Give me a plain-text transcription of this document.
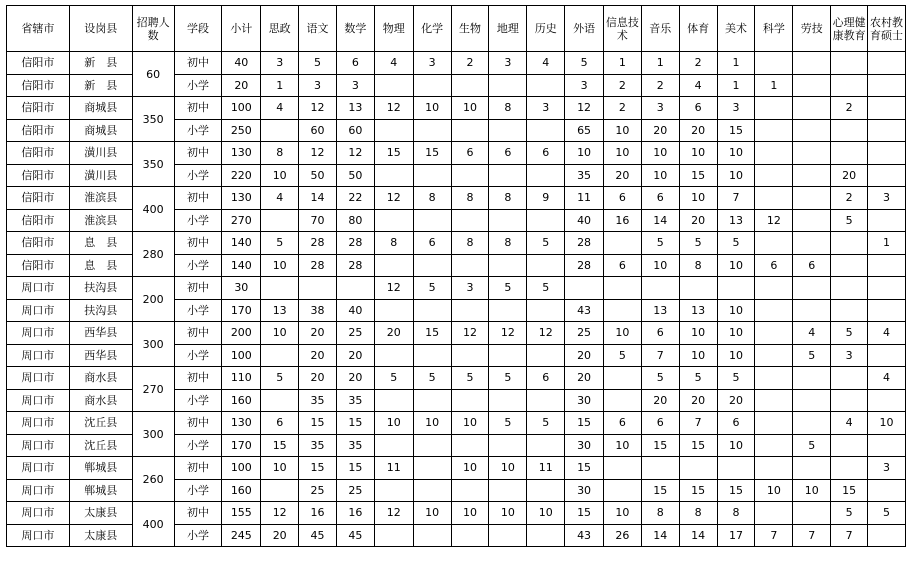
省辖市	设岗县	招聘人数	学段	小计	思政	语文	数学	物理	化学	生物	地理	历史	外语	信息技术	音乐	体育	美术	科学	劳技	心理健康教育	农村教育硕士
信阳市	新　县	60	初中	40	3	5	6	4	3	2	3	4	5	1	1	2	1				
信阳市	新　县		小学	20	1	3	3						3	2	2	4	1	1			
信阳市	商城县	350	初中	100	4	12	13	12	10	10	8	3	12	2	3	6	3			2	
信阳市	商城县		小学	250		60	60						65	10	20	20	15				
信阳市	潢川县	350	初中	130	8	12	12	15	15	6	6	6	10	10	10	10	10				
信阳市	潢川县		小学	220	10	50	50						35	20	10	15	10			20	
信阳市	淮滨县	400	初中	130	4	14	22	12	8	8	8	9	11	6	6	10	7			2	3
信阳市	淮滨县		小学	270		70	80						40	16	14	20	13	12		5	
信阳市	息　县	280	初中	140	5	28	28	8	6	8	8	5	28		5	5	5				1
信阳市	息　县		小学	140	10	28	28						28	6	10	8	10	6	6		
周口市	扶沟县	200	初中	30				12	5	3	5	5									
周口市	扶沟县		小学	170	13	38	40						43		13	13	10				
周口市	西华县	300	初中	200	10	20	25	20	15	12	12	12	25	10	6	10	10		4	5	4
周口市	西华县		小学	100		20	20						20	5	7	10	10		5	3	
周口市	商水县	270	初中	110	5	20	20	5	5	5	5	6	20		5	5	5				4
周口市	商水县		小学	160		35	35						30		20	20	20				
周口市	沈丘县	300	初中	130	6	15	15	10	10	10	5	5	15	6	6	7	6			4	10
周口市	沈丘县		小学	170	15	35	35						30	10	15	15	10		5		
周口市	郸城县	260	初中	100	10	15	15	11		10	10	11	15								3
周口市	郸城县		小学	160		25	25						30		15	15	15	10	10	15	
周口市	太康县	400	初中	155	12	16	16	12	10	10	10	10	15	10	8	8	8			5	5
周口市	太康县		小学	245	20	45	45						43	26	14	14	17	7	7	7	
